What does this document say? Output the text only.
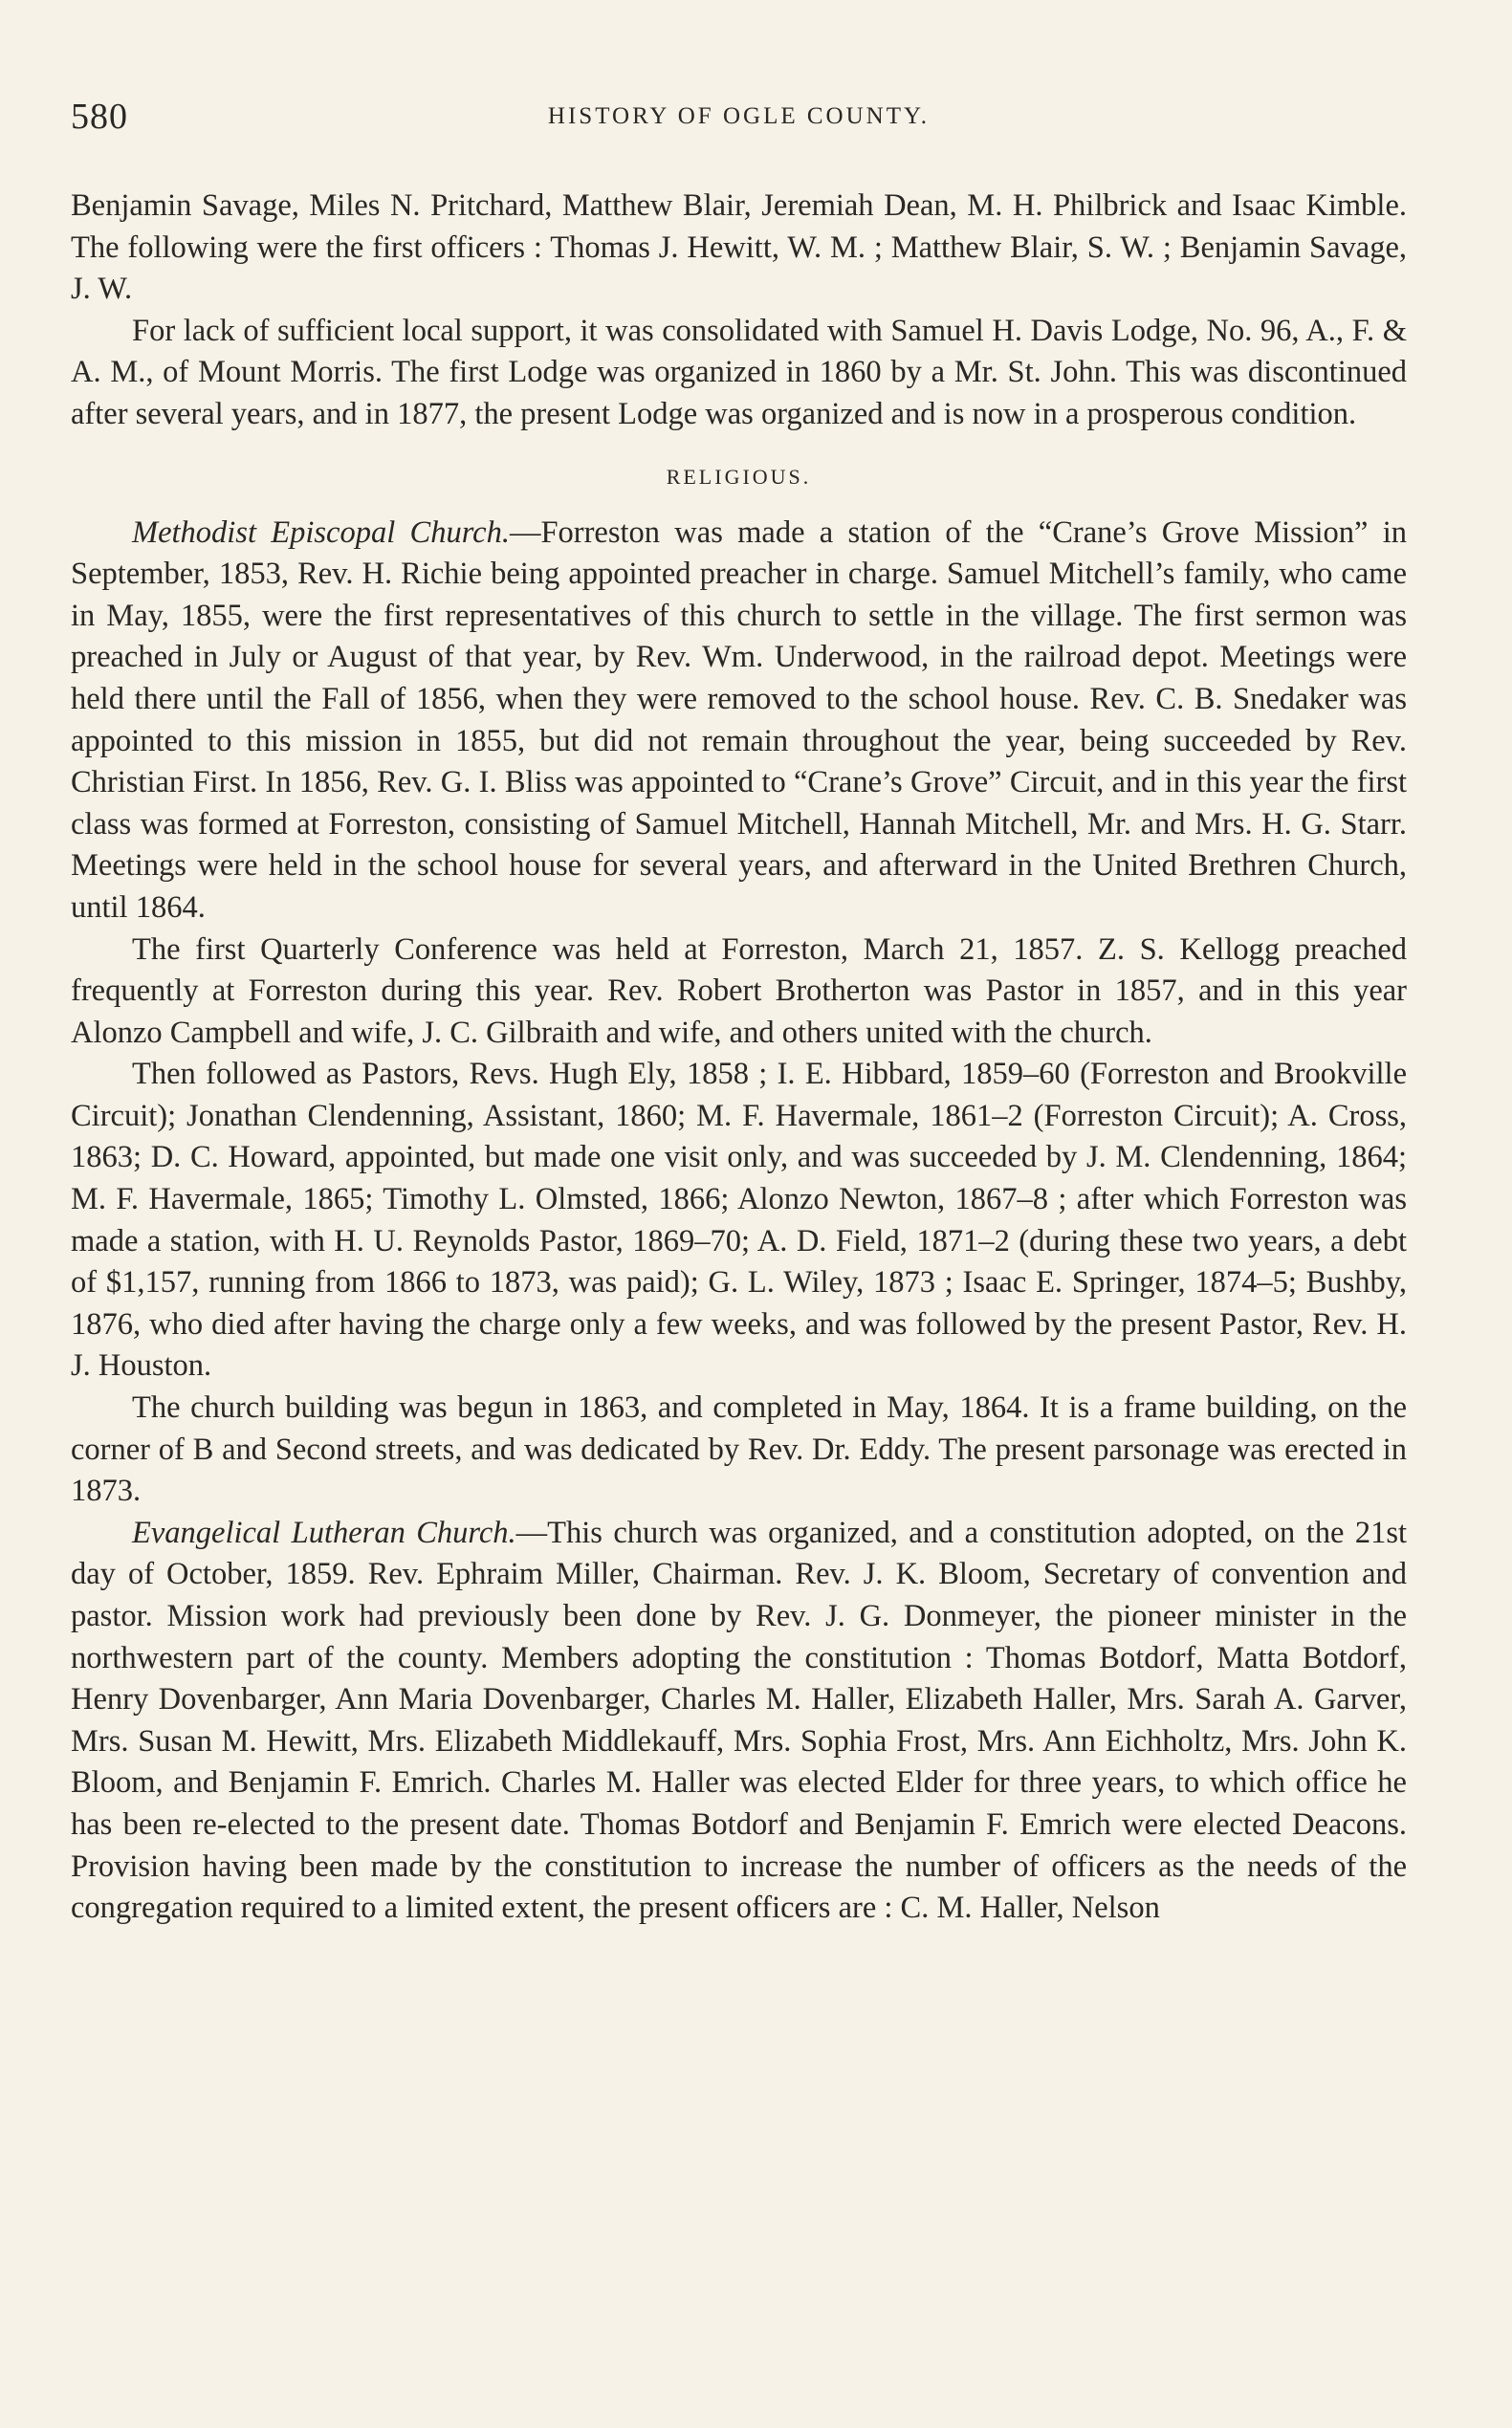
580	HISTORY OF OGLE COUNTY.

Benjamin Savage, Miles N. Pritchard, Matthew Blair, Jeremiah Dean, M. H. Philbrick and Isaac Kimble. The following were the first officers : Thomas J. Hewitt, W. M. ; Matthew Blair, S. W. ; Benjamin Savage, J. W.

For lack of sufficient local support, it was consolidated with Samuel H. Davis Lodge, No. 96, A., F. & A. M., of Mount Morris. The first Lodge was organized in 1860 by a Mr. St. John. This was discontinued after several years, and in 1877, the present Lodge was organized and is now in a prosperous condition.

RELIGIOUS.

Methodist Episcopal Church.—Forreston was made a station of the “Crane’s Grove Mission” in September, 1853, Rev. H. Richie being appointed preacher in charge. Samuel Mitchell’s family, who came in May, 1855, were the first representatives of this church to settle in the village. The first sermon was preached in July or August of that year, by Rev. Wm. Underwood, in the railroad depot. Meetings were held there until the Fall of 1856, when they were removed to the school house. Rev. C. B. Snedaker was appointed to this mission in 1855, but did not remain throughout the year, being succeeded by Rev. Christian First. In 1856, Rev. G. I. Bliss was appointed to “Crane’s Grove” Circuit, and in this year the first class was formed at Forreston, consisting of Samuel Mitchell, Hannah Mitchell, Mr. and Mrs. H. G. Starr. Meetings were held in the school house for several years, and afterward in the United Brethren Church, until 1864.

The first Quarterly Conference was held at Forreston, March 21, 1857. Z. S. Kellogg preached frequently at Forreston during this year. Rev. Robert Brotherton was Pastor in 1857, and in this year Alonzo Campbell and wife, J. C. Gilbraith and wife, and others united with the church.

Then followed as Pastors, Revs. Hugh Ely, 1858 ; I. E. Hibbard, 1859–60 (Forreston and Brookville Circuit); Jonathan Clendenning, Assistant, 1860; M. F. Havermale, 1861–2 (Forreston Circuit); A. Cross, 1863; D. C. Howard, appointed, but made one visit only, and was succeeded by J. M. Clendenning, 1864; M. F. Havermale, 1865; Timothy L. Olmsted, 1866; Alonzo Newton, 1867–8 ; after which Forreston was made a station, with H. U. Reynolds Pastor, 1869–70; A. D. Field, 1871–2 (during these two years, a debt of $1,157, running from 1866 to 1873, was paid); G. L. Wiley, 1873 ; Isaac E. Springer, 1874–5; Bushby, 1876, who died after having the charge only a few weeks, and was followed by the present Pastor, Rev. H. J. Houston.

The church building was begun in 1863, and completed in May, 1864. It is a frame building, on the corner of B and Second streets, and was dedicated by Rev. Dr. Eddy. The present parsonage was erected in 1873.

Evangelical Lutheran Church.—This church was organized, and a constitution adopted, on the 21st day of October, 1859. Rev. Ephraim Miller, Chairman. Rev. J. K. Bloom, Secretary of convention and pastor. Mission work had previously been done by Rev. J. G. Donmeyer, the pioneer minister in the northwestern part of the county. Members adopting the constitution : Thomas Botdorf, Matta Botdorf, Henry Dovenbarger, Ann Maria Dovenbarger, Charles M. Haller, Elizabeth Haller, Mrs. Sarah A. Garver, Mrs. Susan M. Hewitt, Mrs. Elizabeth Middlekauff, Mrs. Sophia Frost, Mrs. Ann Eichholtz, Mrs. John K. Bloom, and Benjamin F. Emrich. Charles M. Haller was elected Elder for three years, to which office he has been re-elected to the present date. Thomas Botdorf and Benjamin F. Emrich were elected Deacons. Provision having been made by the constitution to increase the number of officers as the needs of the congregation required to a limited extent, the present officers are : C. M. Haller, Nelson
